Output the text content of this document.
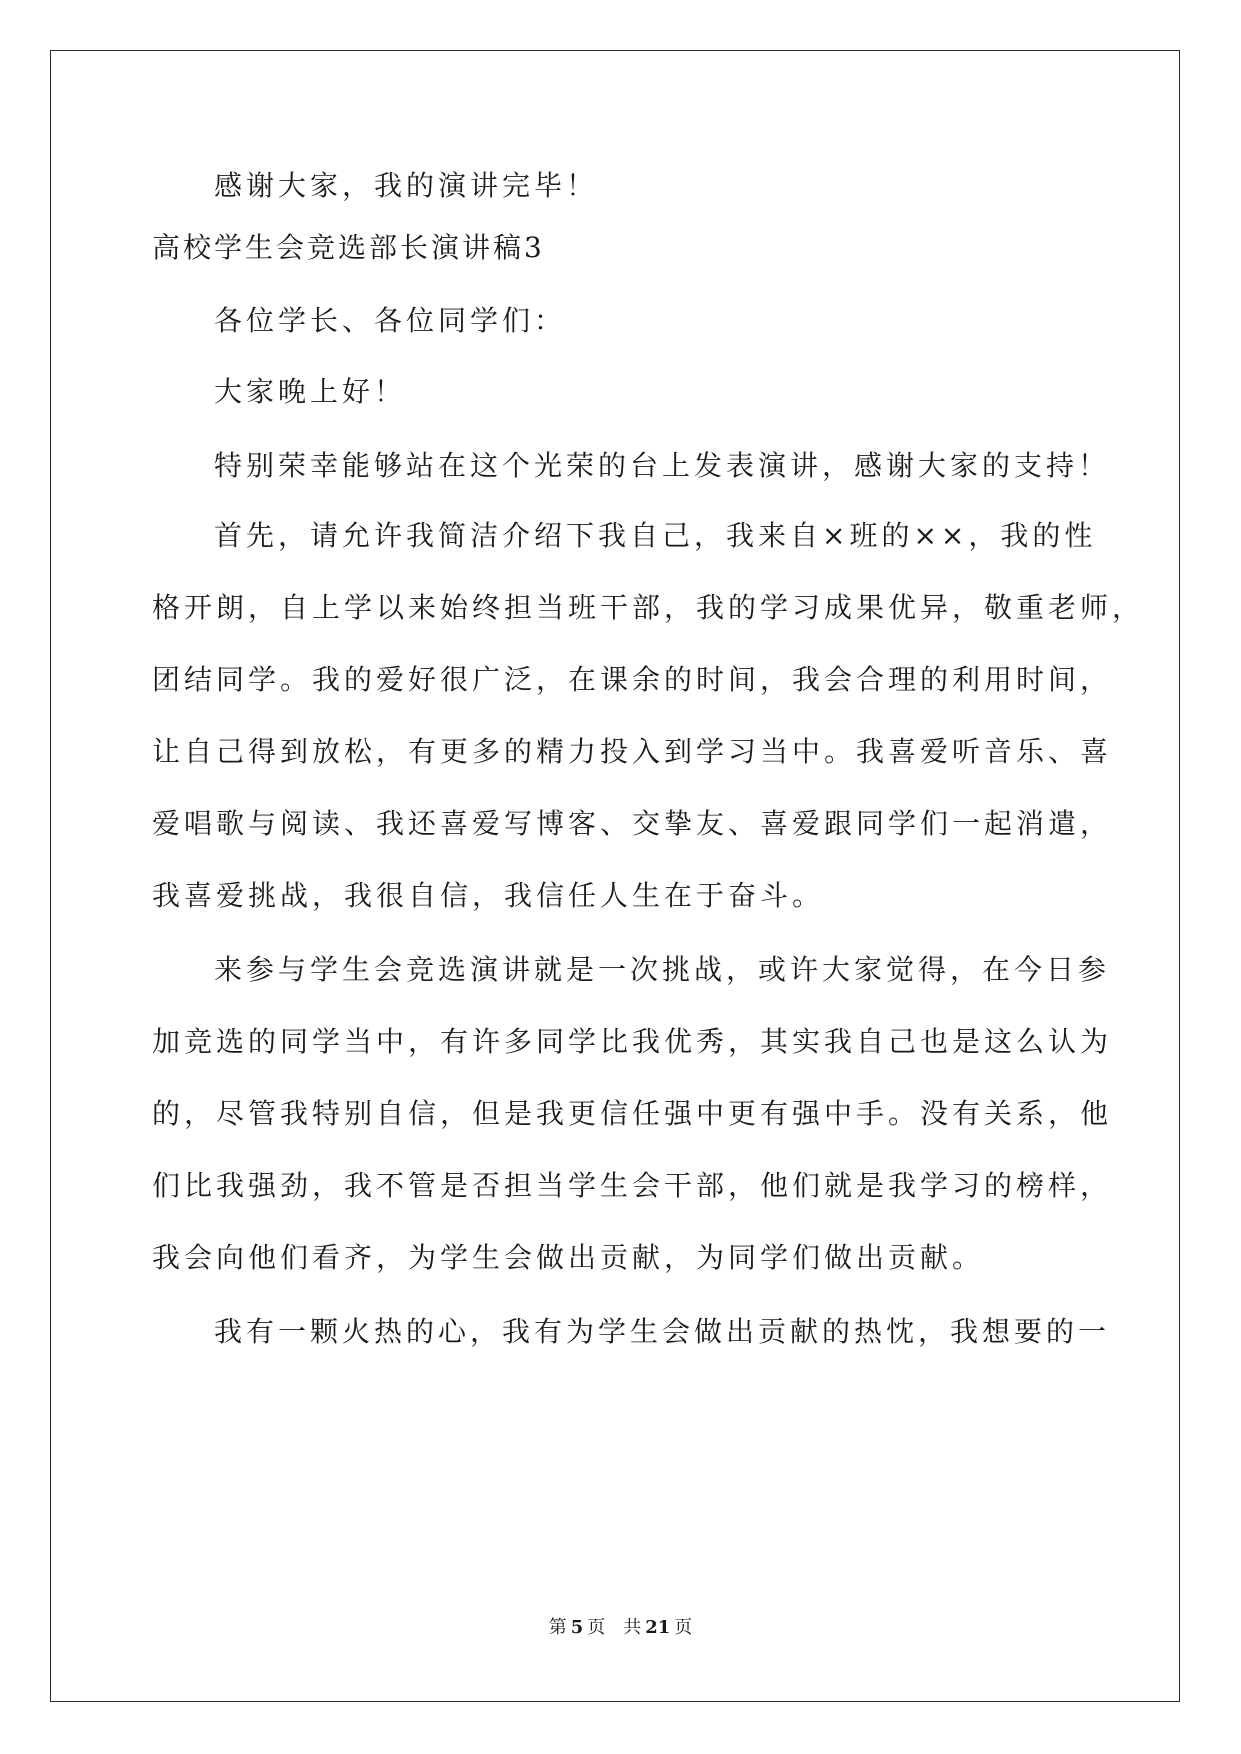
感谢大家，我的演讲完毕！
高校学生会竞选部长演讲稿3
各位学长、各位同学们：
大家晚上好！
特别荣幸能够站在这个光荣的台上发表演讲，感谢大家的支持！
首先，请允许我简洁介绍下我自己，我来自×班的××，我的性
格开朗，自上学以来始终担当班干部，我的学习成果优异，敬重老师，
团结同学。我的爱好很广泛，在课余的时间，我会合理的利用时间，
让自己得到放松，有更多的精力投入到学习当中。我喜爱听音乐、喜
爱唱歌与阅读、我还喜爱写博客、交挚友、喜爱跟同学们一起消遣，
我喜爱挑战，我很自信，我信任人生在于奋斗。
来参与学生会竞选演讲就是一次挑战，或许大家觉得，在今日参
加竞选的同学当中，有许多同学比我优秀，其实我自己也是这么认为
的，尽管我特别自信，但是我更信任强中更有强中手。没有关系，他
们比我强劲，我不管是否担当学生会干部，他们就是我学习的榜样，
我会向他们看齐，为学生会做出贡献，为同学们做出贡献。
我有一颗火热的心，我有为学生会做出贡献的热忱，我想要的一
第 5 页 共 21 页
